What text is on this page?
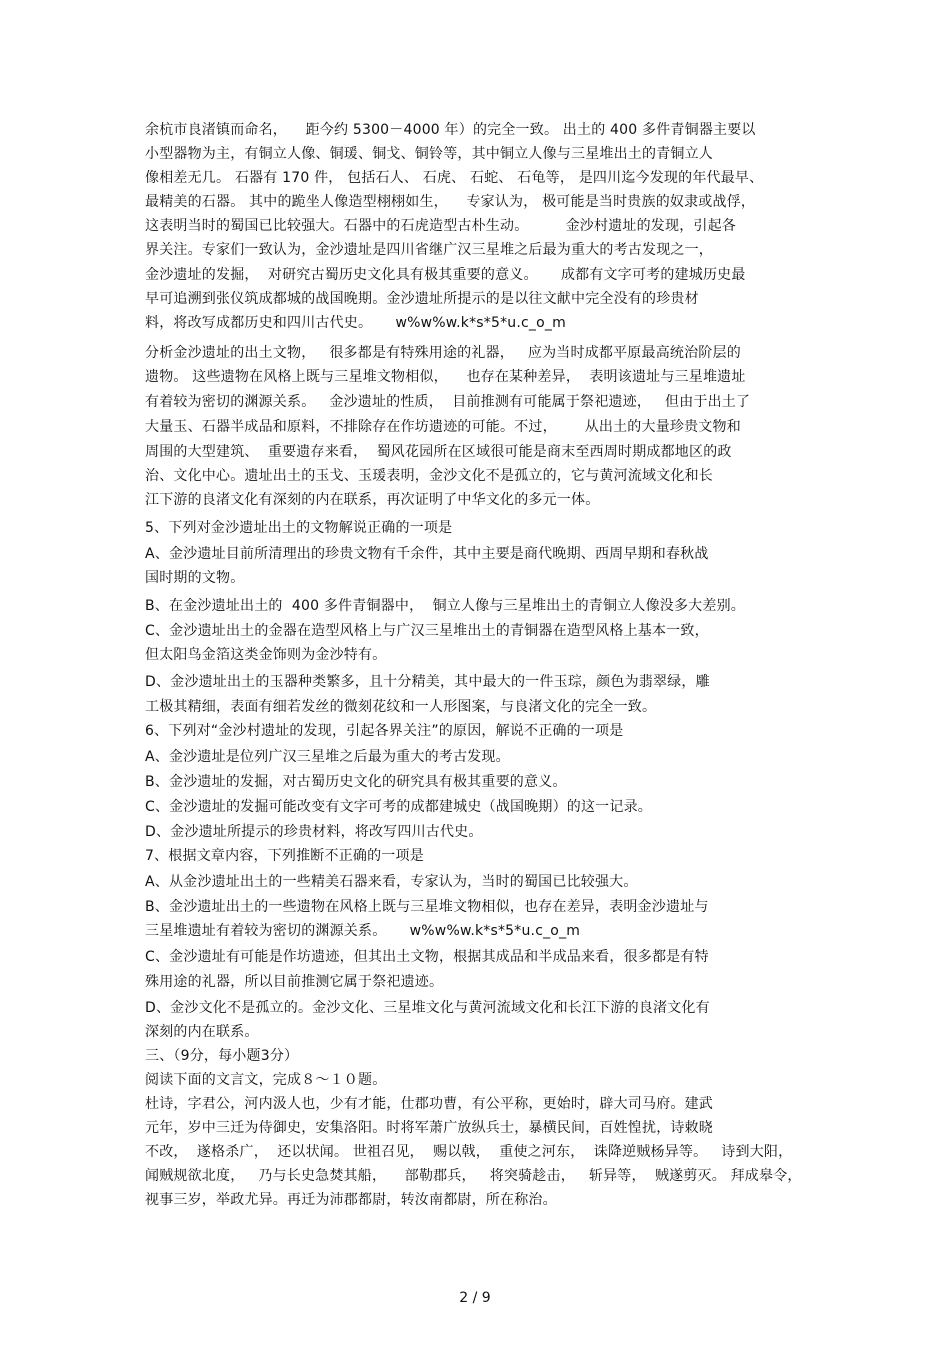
余杭市良渚镇而命名，    距今约 5300－4000 年）的完全一致。 出土的 400 多件青铜器主要以
小型器物为主，有铜立人像、铜瑗、铜戈、铜铃等，其中铜立人像与三星堆出土的青铜立人
像相差无几。 石器有 170 件， 包括石人、 石虎、 石蛇、 石龟等， 是四川迄今发现的年代最早、
最精美的石器。 其中的跪坐人像造型栩栩如生，    专家认为， 极可能是当时贵族的奴隶或战俘，
这表明当时的蜀国已比较强大。石器中的石虎造型古朴生动。        金沙村遗址的发现，引起各
界关注。专家们一致认为，金沙遗址是四川省继广汉三星堆之后最为重大的考古发现之一，
金沙遗址的发掘，  对研究古蜀历史文化具有极其重要的意义。     成都有文字可考的建城历史最
早可追溯到张仪筑成都城的战国晚期。金沙遗址所提示的是以往文献中完全没有的珍贵材
料，将改写成都历史和四川古代史。     w%w%w.k*s*5*u.c_o_m
分析金沙遗址的出土文物，   很多都是有特殊用途的礼器，   应为当时成都平原最高统治阶层的
遗物。 这些遗物在风格上既与三星堆文物相似，    也存在某种差异，  表明该遗址与三星堆遗址
有着较为密切的渊源关系。   金沙遗址的性质，  目前推测有可能属于祭祀遗迹，   但由于出土了
大量玉、石器半成品和原料，不排除存在作坊遗迹的可能。不过，      从出土的大量珍贵文物和
周围的大型建筑、  重要遗存来看，  蜀风花园所在区域很可能是商末至西周时期成都地区的政
治、文化中心。遗址出土的玉戈、玉瑗表明，金沙文化不是孤立的，它与黄河流域文化和长
江下游的良渚文化有深刻的内在联系，再次证明了中华文化的多元一体。
5、下列对金沙遗址出土的文物解说正确的一项是
A、金沙遗址目前所清理出的珍贵文物有千余件，其中主要是商代晚期、西周早期和春秋战
国时期的文物。
B、在金沙遗址出土的  400 多件青铜器中，  铜立人像与三星堆出土的青铜立人像没多大差别。
C、金沙遗址出土的金器在造型风格上与广汉三星堆出土的青铜器在造型风格上基本一致，
但太阳鸟金箔这类金饰则为金沙特有。
D、金沙遗址出土的玉器种类繁多，且十分精美，其中最大的一件玉琮，颜色为翡翠绿，雕
工极其精细，表面有细若发丝的微刻花纹和一人形图案，与良渚文化的完全一致。
6、下列对“金沙村遗址的发现，引起各界关注”的原因，解说不正确的一项是
A、金沙遗址是位列广汉三星堆之后最为重大的考古发现。
B、金沙遗址的发掘，对古蜀历史文化的研究具有极其重要的意义。
C、金沙遗址的发掘可能改变有文字可考的成都建城史（战国晚期）的这一记录。
D、金沙遗址所提示的珍贵材料，将改写四川古代史。
7、根据文章内容，下列推断不正确的一项是
A、从金沙遗址出土的一些精美石器来看，专家认为，当时的蜀国已比较强大。
B、金沙遗址出土的一些遗物在风格上既与三星堆文物相似，也存在差异，表明金沙遗址与
三星堆遗址有着较为密切的渊源关系。     w%w%w.k*s*5*u.c_o_m
C、金沙遗址有可能是作坊遗迹，但其出土文物，根据其成品和半成品来看，很多都是有特
殊用途的礼器，所以目前推测它属于祭祀遗迹。
D、金沙文化不是孤立的。金沙文化、三星堆文化与黄河流域文化和长江下游的良渚文化有
深刻的内在联系。
三、（9分，每小题3分）
阅读下面的文言文，完成８～１０题。
杜诗，字君公，河内汲人也，少有才能，仕郡功曹，有公平称，更始时，辟大司马府。建武
元年，岁中三迁为侍御史，安集洛阳。时将军萧广放纵兵士，暴横民间，百姓惶扰，诗敕晓
不改，  遂格杀广，  还以状闻。 世祖召见，  赐以戟，  重使之河东，  诛降逆贼杨异等。   诗到大阳，
闻贼规欲北度，   乃与长史急焚其船，    部勒郡兵，   将突骑趁击，   斩异等，  贼遂剪灭。 拜成皋令，
视事三岁，举政尤异。再迁为沛郡都尉，转汝南都尉，所在称治。
2 / 9
